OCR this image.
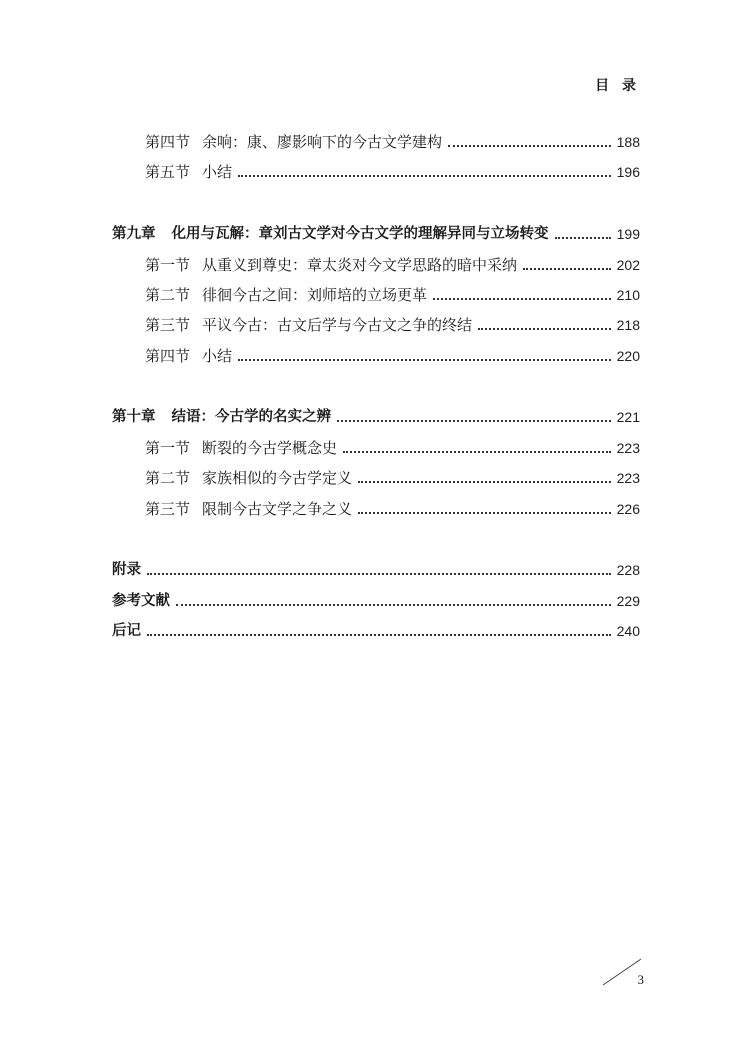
目 录
第四节 余响：康、廖影响下的今古文学建构	188
第五节 小结	196
第九章 化用与瓦解：章刘古文学对今古文学的理解异同与立场转变	199
第一节 从重义到尊史：章太炎对今文学思路的暗中采纳	202
第二节 徘徊今古之间：刘师培的立场更革	210
第三节 平议今古：古文后学与今古文之争的终结	218
第四节 小结	220
第十章 结语：今古学的名实之辨	221
第一节 断裂的今古学概念史	223
第二节 家族相似的今古学定义	223
第三节 限制今古文学之争之义	226
附录	228
参考文献	229
后记	240
3
